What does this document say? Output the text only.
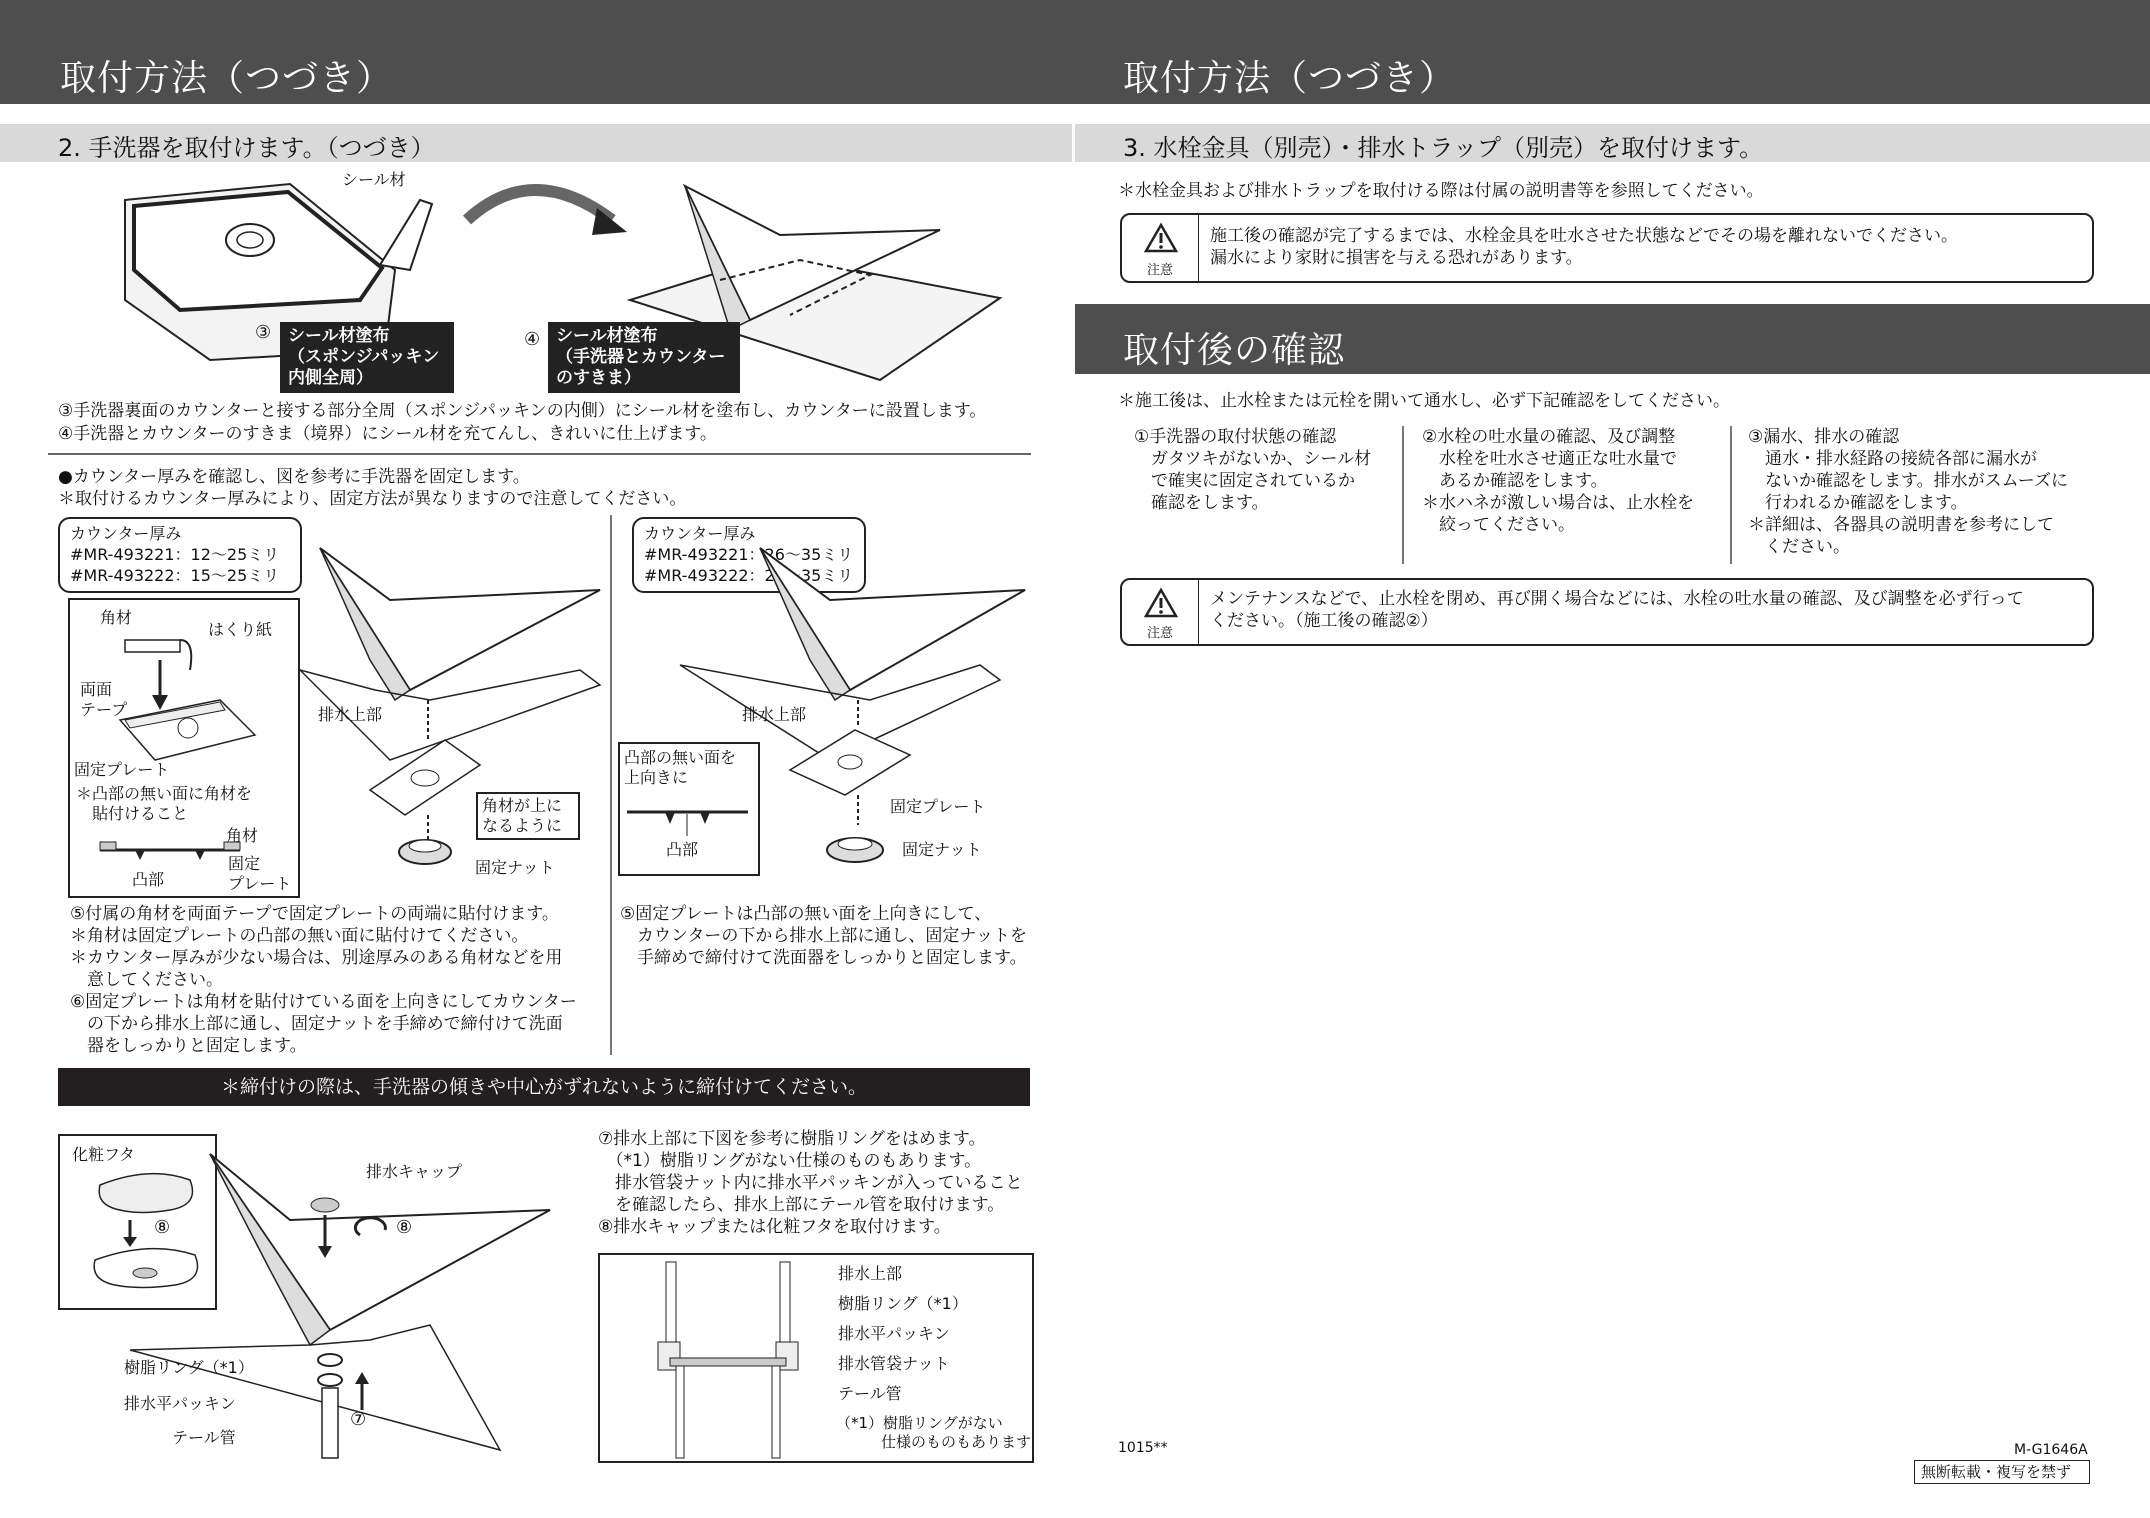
取付方法（つづき）	取付方法（つづき）
2. 手洗器を取付けます。（つづき）
シール材
③ シール材塗布
（スポンジパッキン
内側全周）
④ シール材塗布
（手洗器とカウンター
のすきま）
③手洗器裏面のカウンターと接する部分全周（スポンジパッキンの内側）にシール材を塗布し、カウンターに設置します。
④手洗器とカウンターのすきま（境界）にシール材を充てんし、きれいに仕上げます。
●カウンター厚みを確認し、図を参考に手洗器を固定します。
＊取付けるカウンター厚みにより、固定方法が異なりますので注意してください。
カウンター厚み
#MR-493221：12～25ミリ
#MR-493222：15～25ミリ
角材
はくり紙
両面
テープ
固定プレート
＊凸部の無い面に角材を
　貼付けること
角材
固定
プレート
凸部
排水上部
角材が上に
なるように
固定ナット
カウンター厚み
#MR-493221：26～35ミリ
#MR-493222：26～35ミリ
排水上部
凸部の無い面を
上向きに
凸部
固定プレート
固定ナット
⑤付属の角材を両面テープで固定プレートの両端に貼付けます。
＊角材は固定プレートの凸部の無い面に貼付けてください。
＊カウンター厚みが少ない場合は、別途厚みのある角材などを用
　意してください。
⑥固定プレートは角材を貼付けている面を上向きにしてカウンター
　の下から排水上部に通し、固定ナットを手締めで締付けて洗面
　器をしっかりと固定します。
⑤固定プレートは凸部の無い面を上向きにして、
　カウンターの下から排水上部に通し、固定ナットを
　手締めで締付けて洗面器をしっかりと固定します。
＊締付けの際は、手洗器の傾きや中心がずれないように締付けてください。
化粧フタ
⑧
排水キャップ
⑧
樹脂リング（*1）
排水平パッキン
テール管
⑦
⑦排水上部に下図を参考に樹脂リングをはめます。
　（*1）樹脂リングがない仕様のものもあります。
　排水管袋ナット内に排水平パッキンが入っていること
　を確認したら、排水上部にテール管を取付けます。
⑧排水キャップまたは化粧フタを取付けます。
排水上部
樹脂リング（*1）
排水平パッキン
排水管袋ナット
テール管
（*1）樹脂リングがない
　　　仕様のものもあります
3. 水栓金具（別売）・排水トラップ（別売）を取付けます。
＊水栓金具および排水トラップを取付ける際は付属の説明書等を参照してください。
注意
施工後の確認が完了するまでは、水栓金具を吐水させた状態などでその場を離れないでください。
漏水により家財に損害を与える恐れがあります。
取付後の確認
＊施工後は、止水栓または元栓を開いて通水し、必ず下記確認をしてください。
①手洗器の取付状態の確認
　ガタツキがないか、シール材
　で確実に固定されているか
　確認をします。
②水栓の吐水量の確認、及び調整
　水栓を吐水させ適正な吐水量で
　あるか確認をします。
＊水ハネが激しい場合は、止水栓を
　絞ってください。
③漏水、排水の確認
　通水・排水経路の接続各部に漏水が
　ないか確認をします。排水がスムーズに
　行われるか確認をします。
＊詳細は、各器具の説明書を参考にして
　ください。
注意
メンテナンスなどで、止水栓を閉め、再び開く場合などには、水栓の吐水量の確認、及び調整を必ず行って
ください。（施工後の確認②）
1015**	M-G1646A
無断転載・複写を禁ず
